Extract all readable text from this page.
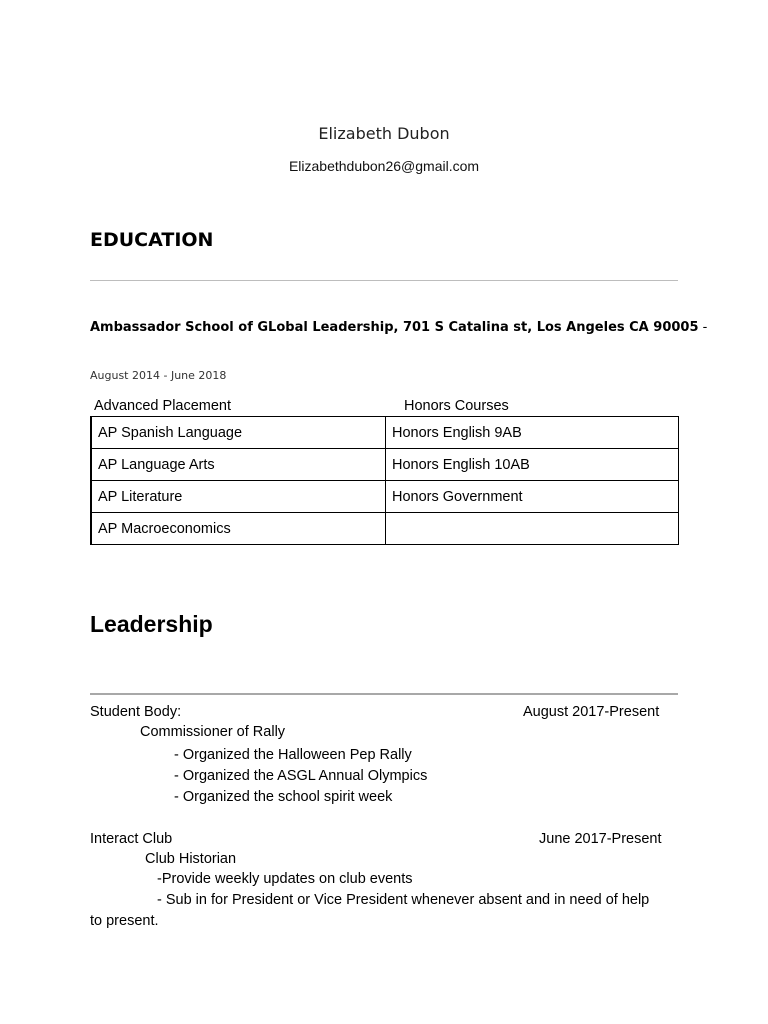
Elizabeth Dubon
Elizabethdubon26@gmail.com
EDUCATION
Ambassador School of GLobal Leadership, 701 S Catalina st, Los Angeles CA 90005 -
August 2014 - June 2018
Advanced Placement	Honors Courses
AP Spanish Language	Honors English 9AB
AP Language Arts	Honors English 10AB
AP Literature	Honors Government
AP Macroeconomics	
Leadership
Student Body:	August 2017-Present
Commissioner of Rally
- Organized the Halloween Pep Rally
- Organized the ASGL Annual Olympics
- Organized the school spirit week
Interact Club	June 2017-Present
Club Historian
-Provide weekly updates on club events
- Sub in for President or Vice President whenever absent and in need of help
to present.
